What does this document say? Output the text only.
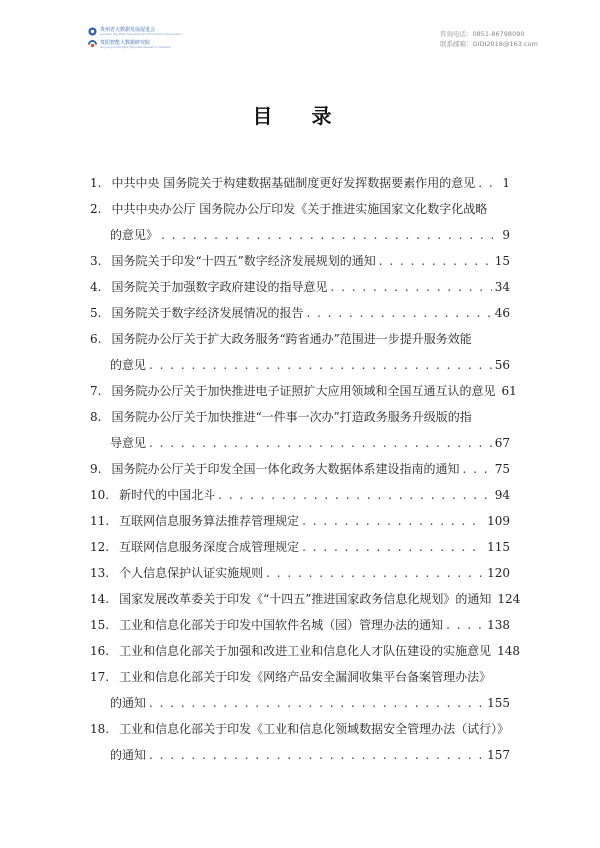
贵州省大数据发展促进会
Guizhou Big Data Development Promotion Association
贵阳智能大数据研究院
Guiyang Intelligent Big Data Research Institute
咨询电话：0851-86798090
联系邮箱：GIDI2018@163.com
目 录
1. 中共中央 国务院关于构建数据基础制度更好发挥数据要素作用的意见 . . . 1
2. 中共中央办公厅 国务院办公厅印发《关于推进实施国家文化数字化战略
的意见》 . . .	9
3. 国务院关于印发“十四五”数字经济发展规划的通知 . . .	15
4. 国务院关于加强数字政府建设的指导意见 . . .	34
5. 国务院关于数字经济发展情况的报告 . . .	46
6. 国务院办公厅关于扩大政务服务“跨省通办”范围进一步提升服务效能
的意见 . . .	56
7. 国务院办公厅关于加快推进电子证照扩大应用领域和全国互通互认的意见 61
8. 国务院办公厅关于加快推进“一件事一次办”打造政务服务升级版的指
导意见 . . .	67
9. 国务院办公厅关于印发全国一体化政务大数据体系建设指南的通知 . . .	75
10. 新时代的中国北斗 . . .	94
11. 互联网信息服务算法推荐管理规定 . . .	109
12. 互联网信息服务深度合成管理规定 . . .	115
13. 个人信息保护认证实施规则 . . .	120
14. 国家发展改革委关于印发《“十四五”推进国家政务信息化规划》的通知 124
15. 工业和信息化部关于印发中国软件名城（园）管理办法的通知 . . .	138
16. 工业和信息化部关于加强和改进工业和信息化人才队伍建设的实施意见 148
17. 工业和信息化部关于印发《网络产品安全漏洞收集平台备案管理办法》
的通知 . . .	155
18. 工业和信息化部关于印发《工业和信息化领域数据安全管理办法（试行）》
的通知 . . .	157
